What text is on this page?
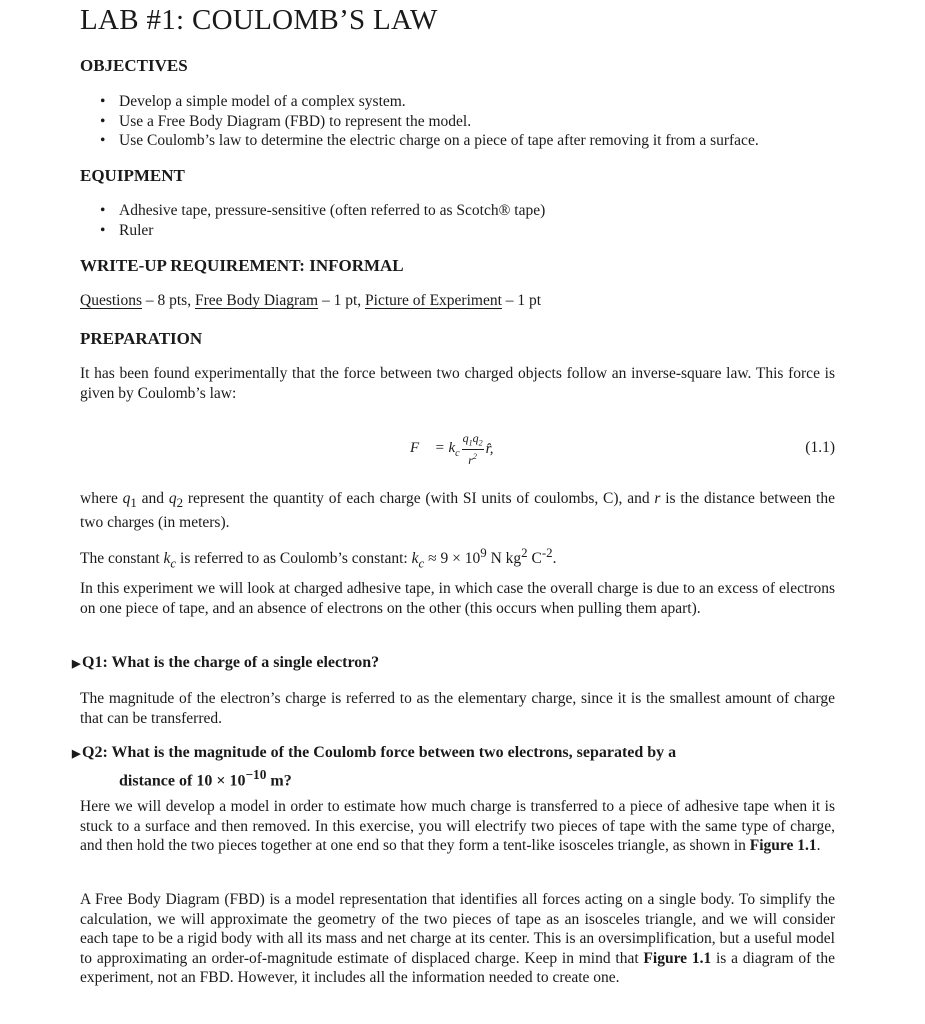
LAB #1: COULOMB’S LAW
OBJECTIVES
• Develop a simple model of a complex system.
• Use a Free Body Diagram (FBD) to represent the model.
• Use Coulomb’s law to determine the electric charge on a piece of tape after removing it from a surface.
EQUIPMENT
• Adhesive tape, pressure-sensitive (often referred to as Scotch® tape)
• Ruler
WRITE-UP REQUIREMENT: INFORMAL

Questions – 8 pts, Free Body Diagram – 1 pt, Picture of Experiment – 1 pt

PREPARATION

It has been found experimentally that the force between two charged objects follow an inverse-square law. This force is given by Coulomb’s law:

F⃗ = $k_c \frac{q_1q_2}{r^2}$ r̂,	(1.1)

where $q_1$ and $q_2$ represent the quantity of each charge (with SI units of coulombs, C), and r is the distance between the two charges (in meters).

The constant $k_c$ is referred to as Coulomb’s constant: $k_c \approx 9 \times 10^9$ N $kg^2$ $C^{-2}$.

In this experiment we will look at charged adhesive tape, in which case the overall charge is due to an excess of electrons on one piece of tape, and an absence of electrons on the other (this occurs when pulling them apart).

▶Q1: What is the charge of a single electron?

The magnitude of the electron’s charge is referred to as the elementary charge, since it is the smallest amount of charge that can be transferred.

▶Q2: What is the magnitude of the Coulomb force between two electrons, separated by a
distance of $10 \times 10^{-10}$ m?

Here we will develop a model in order to estimate how much charge is transferred to a piece of adhesive tape when it is stuck to a surface and then removed. In this exercise, you will electrify two pieces of tape with the same type of charge, and then hold the two pieces together at one end so that they form a tent-like isosceles triangle, as shown in Figure 1.1.

A Free Body Diagram (FBD) is a model representation that identifies all forces acting on a single body. To simplify the calculation, we will approximate the geometry of the two pieces of tape as an isosceles triangle, and we will consider each tape to be a rigid body with all its mass and net charge at its center. This is an oversimplification, but a useful model to approximating an order-of-magnitude estimate of displaced charge. Keep in mind that Figure 1.1 is a diagram of the experiment, not an FBD. However, it includes all the information needed to create one.
